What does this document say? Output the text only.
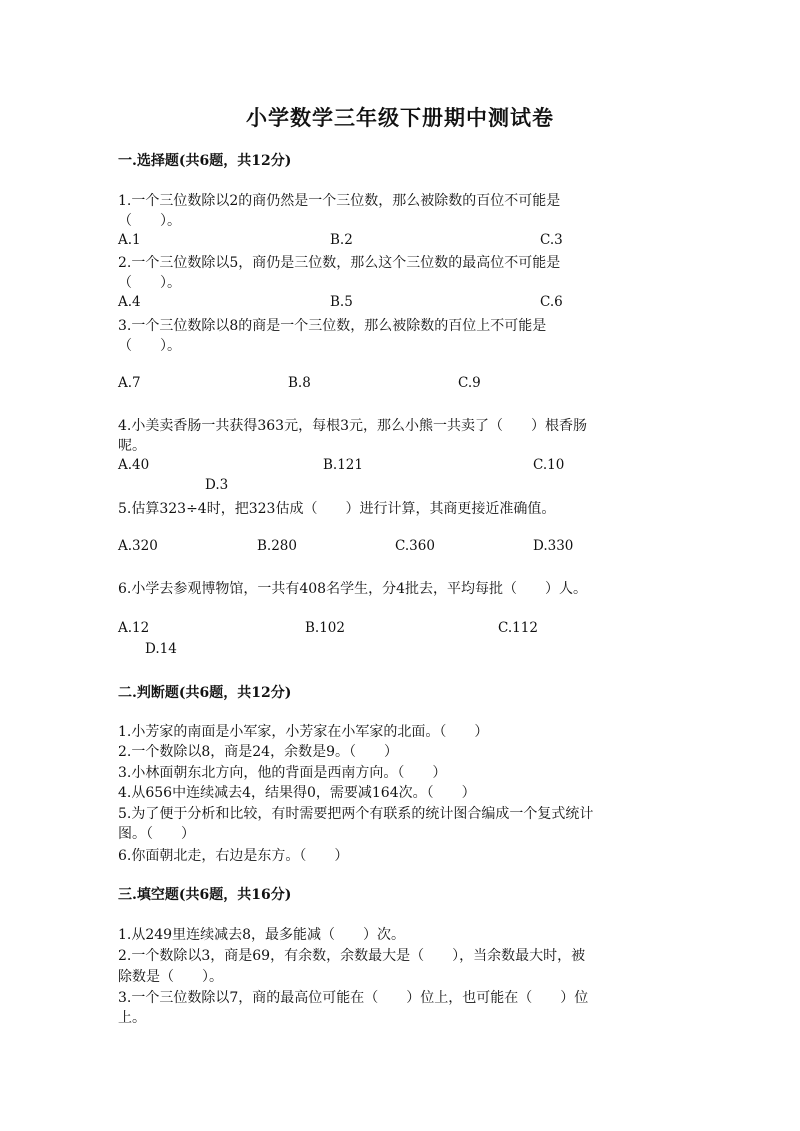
小学数学三年级下册期中测试卷
一.选择题(共6题，共12分)
1.一个三位数除以2的商仍然是一个三位数，那么被除数的百位不可能是
（　　）。
A.1	B.2	C.3
2.一个三位数除以5，商仍是三位数，那么这个三位数的最高位不可能是
（　　）。
A.4	B.5	C.6
3.一个三位数除以8的商是一个三位数，那么被除数的百位上不可能是
（　　）。
A.7	B.8	C.9
4.小美卖香肠一共获得363元，每根3元，那么小熊一共卖了（　　）根香肠
呢。
A.40	B.121	C.10
D.3
5.估算323÷4时，把323估成（　　）进行计算，其商更接近准确值。
A.320	B.280	C.360	D.330
6.小学去参观博物馆，一共有408名学生，分4批去，平均每批（　　）人。
A.12	B.102	C.112
D.14
二.判断题(共6题，共12分)
1.小芳家的南面是小军家，小芳家在小军家的北面。（　　）
2.一个数除以8，商是24，余数是9。（　　）
3.小林面朝东北方向，他的背面是西南方向。（　　）
4.从656中连续减去4，结果得0，需要减164次。（　　）
5.为了便于分析和比较，有时需要把两个有联系的统计图合编成一个复式统计
图。（　　）
6.你面朝北走，右边是东方。（　　）
三.填空题(共6题，共16分)
1.从249里连续减去8，最多能减（　　）次。
2.一个数除以3，商是69，有余数，余数最大是（　　），当余数最大时，被
除数是（　　）。
3.一个三位数除以7，商的最高位可能在（　　）位上，也可能在（　　）位
上。
